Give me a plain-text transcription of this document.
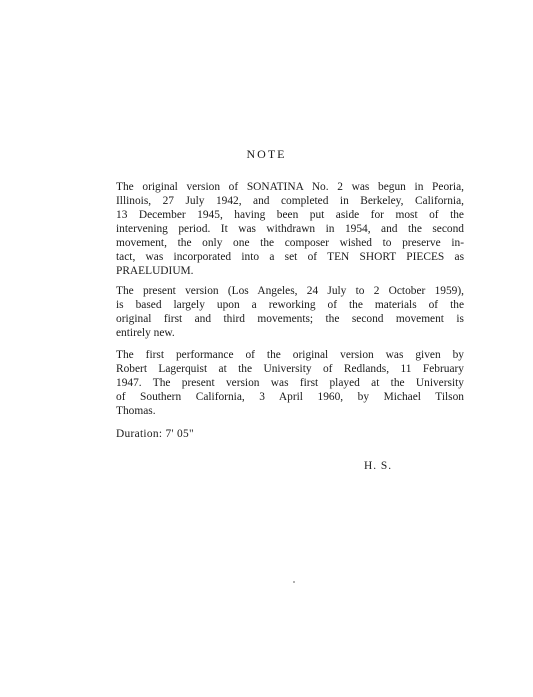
NOTE
The original version of SONATINA No. 2 was begun in Peoria,
Illinois, 27 July 1942, and completed in Berkeley, California,
13 December 1945, having been put aside for most of the
intervening period. It was withdrawn in 1954, and the second
movement, the only one the composer wished to preserve in-
tact, was incorporated into a set of TEN SHORT PIECES as
PRAELUDIUM.
The present version (Los Angeles, 24 July to 2 October 1959),
is based largely upon a reworking of the materials of the
original first and third movements; the second movement is
entirely new.
The first performance of the original version was given by
Robert Lagerquist at the University of Redlands, 11 February
1947. The present version was first played at the University
of Southern California, 3 April 1960, by Michael Tilson
Thomas.
Duration: 7' 05"
H. S.
